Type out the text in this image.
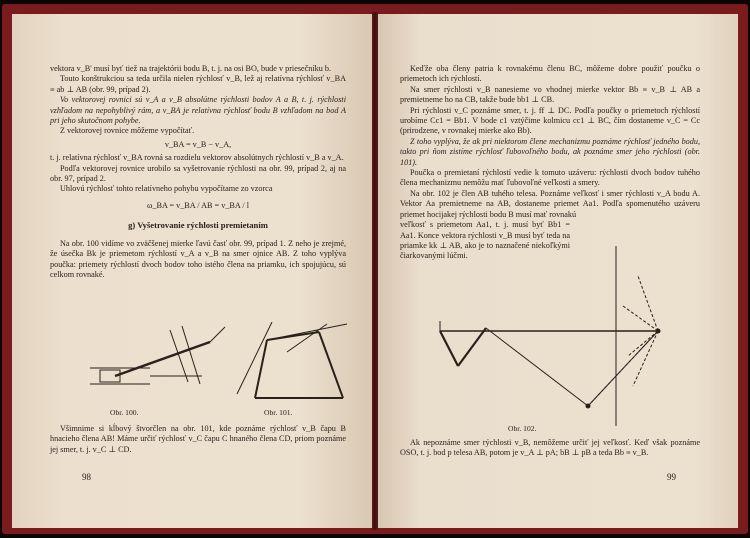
vektora v_B' musí byť tiež na trajektórii bodu B, t. j. na osi BO, bude v priesečníku b.

Touto konštrukciou sa teda určila nielen rýchlosť v_B, lež aj relatívna rýchlosť v_BA ≡ ab ⊥ AB (obr. 99, prípad 2).

Vo vektorovej rovnici sú v_A a v_B absolútne rýchlosti bodov A a B, t. j. rýchlosti vzhľadom na nepohyblivý rám, a v_BA je relatívna rýchlosť bodu B vzhľadom na bod A pri jeho skutočnom pohybe.

Z vektorovej rovnice môžeme vypočítať.

v_BA = v_B − v_A,

t. j. relatívna rýchlosť v_BA rovná sa rozdielu vektorov absolútnych rýchlostí v_B a v_A.

Podľa vektorovej rovnice urobilo sa vyšetrovanie rýchlosti na obr. 99, prípad 2, aj na obr. 97, prípad 2.

Uhlovú rýchlosť tohto relatívneho pohybu vypočítame zo vzorca

ω_BA = v_BA / AB = v_BA / l
g) Vyšetrovanie rýchlosti premietaním

Na obr. 100 vidíme vo zväčšenej mierke ľavú časť obr. 99, prípad 1. Z neho je zrejmé, že úsečka Bk je priemetom rýchlostí v_A a v_B na smer ojnice AB. Z toho vyplýva poučka: priemety rýchlostí dvoch bodov toho istého člena na priamku, ich spojujúcu, sú celkom rovnaké.

Obr. 100.	Obr. 101.

Všimnime si kĺbový štvorčlen na obr. 101, kde poznáme rýchlosť v_B čapu B hnacieho člena AB! Máme určiť rýchlosť v_C čapu C hnaného člena CD, priom poznáme jej smer, t. j. v_C ⊥ CD.

98

Keďže oba členy patria k rovnakému členu BC, môžeme dobre použiť poučku o priemetoch ich rýchlostí.

Na smer rýchlosti v_B nanesieme vo vhodnej mierke vektor Bb ≡ v_B ⊥ AB a premietneme ho na CB, takže bude bb1 ⊥ CB.

Pri rýchlosti v_C poznáme smer, t. j. ff ⊥ DC. Podľa poučky o priemetoch rýchlostí urobíme Cc1 = Bb1. V bode c1 vztýčime kolmicu cc1 ⊥ BC, čím dostaneme v_C = Cc (prirodzene, v rovnakej mierke ako Bb).

Z toho vyplýva, že ak pri niektorom člene mechanizmu poznáme rýchlosť jedného bodu, takto pri ňom zistíme rýchlosť ľubovoľného bodu, ak poznáme smer jeho rýchlosti (obr. 101).

Poučka o premietaní rýchlostí vedie k tomuto uzáveru: rýchlosti dvoch bodov tuhého člena mechanizmu nemôžu mať ľubovoľné veľkosti a smery.

Na obr. 102 je člen AB tuhého telesa. Poznáme veľkosť i smer rýchlosti v_A bodu A. Vektor Aa premietneme na AB, dostaneme priemet Aa1. Podľa spomenutého uzáveru priemet hocijakej rýchlosti bodu B musí mať rovnakú

veľkosť s priemetom Aa1, t. j. musí byť Bb1 = Aa1. Konce vektora rýchlosti v_B musí byť teda na priamke kk ⊥ AB, ako je to naznačené niekoľkými čiarkovanými lúčmi.

Obr. 102.

Ak nepoznáme smer rýchlosti v_B, nemôžeme určiť jej veľkosť. Keď však poznáme OSO, t. j. bod p telesa AB, potom je v_A ⊥ pA; bB ⊥ pB a teda Bb ≡ v_B.

99
